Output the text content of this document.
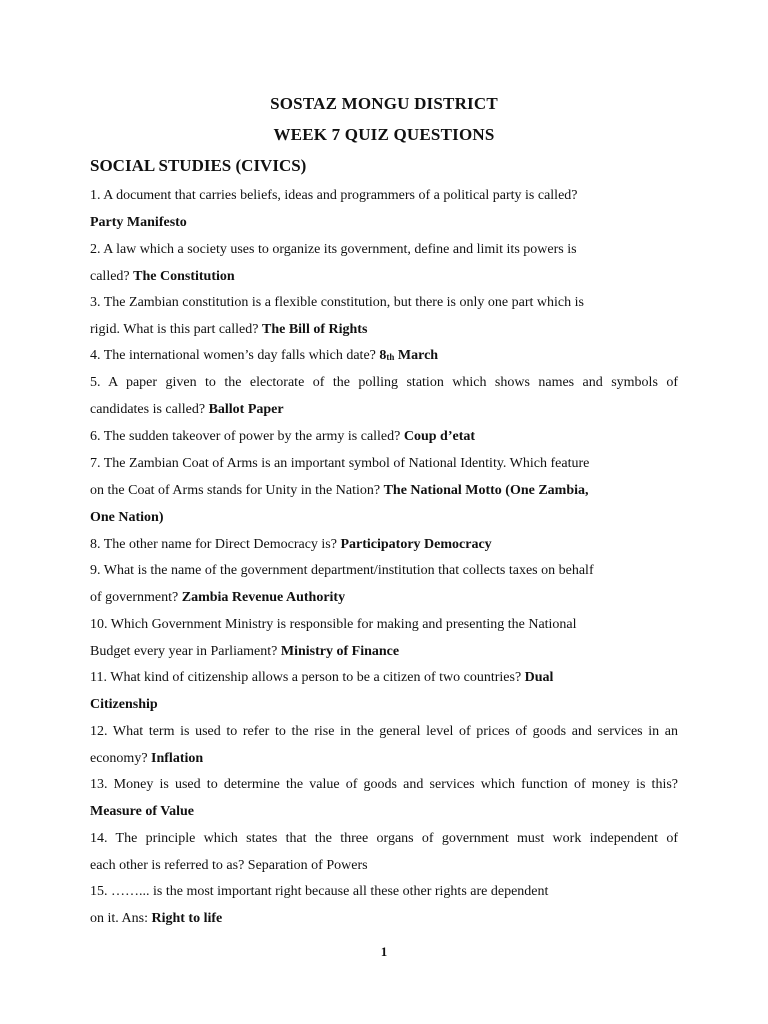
SOSTAZ MONGU DISTRICT
WEEK 7 QUIZ QUESTIONS
SOCIAL STUDIES (CIVICS)
1. A document that carries beliefs, ideas and programmers of a political party is called?
Party Manifesto
2. A law which a society uses to organize its government, define and limit its powers is
called? The Constitution
3. The Zambian constitution is a flexible constitution, but there is only one part which is
rigid. What is this part called? The Bill of Rights
4. The international women’s day falls which date? 8th March
5. A paper given to the electorate of the polling station which shows names and symbols of
candidates is called? Ballot Paper
6. The sudden takeover of power by the army is called? Coup d’etat
7. The Zambian Coat of Arms is an important symbol of National Identity. Which feature
on the Coat of Arms stands for Unity in the Nation? The National Motto (One Zambia,
One Nation)
8. The other name for Direct Democracy is? Participatory Democracy
9. What is the name of the government department/institution that collects taxes on behalf
of government? Zambia Revenue Authority
10. Which Government Ministry is responsible for making and presenting the National
Budget every year in Parliament? Ministry of Finance
11. What kind of citizenship allows a person to be a citizen of two countries? Dual
Citizenship
12. What term is used to refer to the rise in the general level of prices of goods and services in an
economy? Inflation
13. Money is used to determine the value of goods and services which function of money is this?
Measure of Value
14. The principle which states that the three organs of government must work independent of
each other is referred to as? Separation of Powers
15. ……... is the most important right because all these other rights are dependent
on it. Ans: Right to life
1
